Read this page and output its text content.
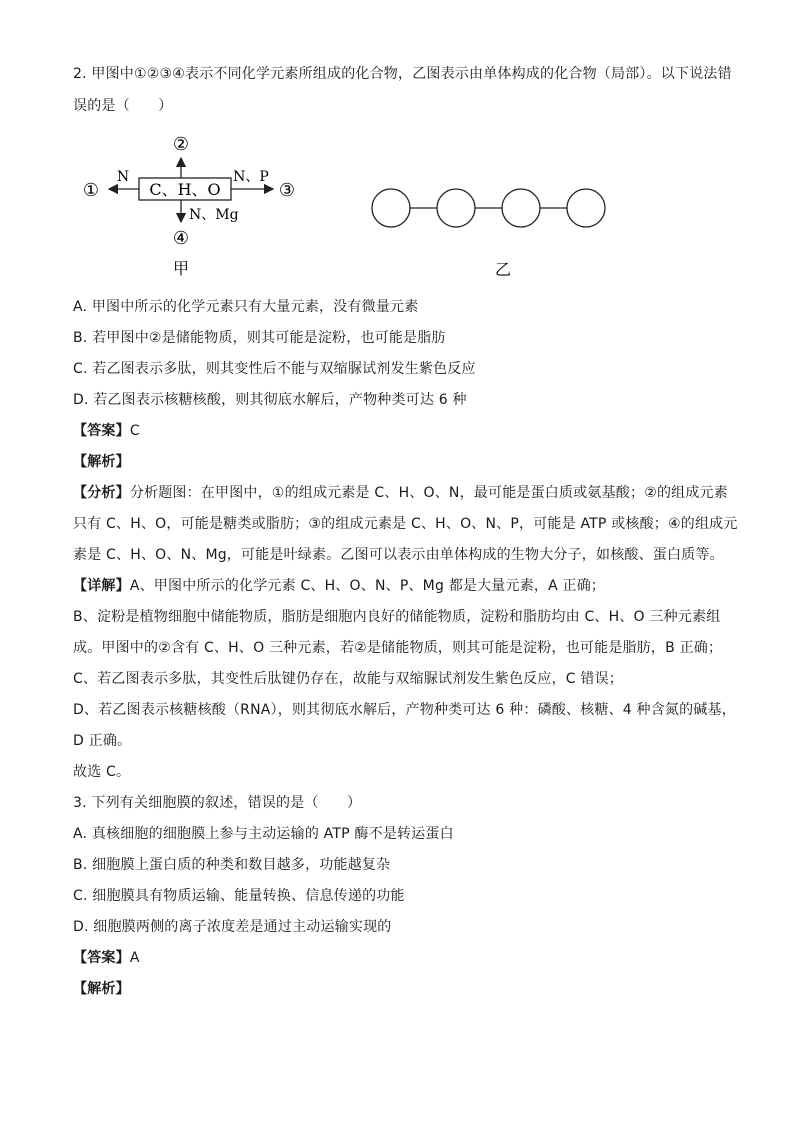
2. 甲图中①②③④表示不同化学元素所组成的化合物，乙图表示由单体构成的化合物（局部）。以下说法错
误的是（　　）
C、H、O
②
N
①
N、P
③
N、Mg
④
甲	乙
A. 甲图中所示的化学元素只有大量元素，没有微量元素
B. 若甲图中②是储能物质，则其可能是淀粉，也可能是脂肪
C. 若乙图表示多肽，则其变性后不能与双缩脲试剂发生紫色反应
D. 若乙图表示核糖核酸，则其彻底水解后，产物种类可达 6 种
【答案】C
【解析】
【分析】分析题图：在甲图中，①的组成元素是 C、H、O、N，最可能是蛋白质或氨基酸；②的组成元素
只有 C、H、O，可能是糖类或脂肪；③的组成元素是 C、H、O、N、P，可能是 ATP 或核酸；④的组成元
素是 C、H、O、N、Mg，可能是叶绿素。乙图可以表示由单体构成的生物大分子，如核酸、蛋白质等。
【详解】A、甲图中所示的化学元素 C、H、O、N、P、Mg 都是大量元素，A 正确；
B、淀粉是植物细胞中储能物质，脂肪是细胞内良好的储能物质，淀粉和脂肪均由 C、H、O 三种元素组
成。甲图中的②含有 C、H、O 三种元素，若②是储能物质，则其可能是淀粉，也可能是脂肪，B 正确；
C、若乙图表示多肽，其变性后肽键仍存在，故能与双缩脲试剂发生紫色反应，C 错误；
D、若乙图表示核糖核酸（RNA），则其彻底水解后，产物种类可达 6 种：磷酸、核糖、4 种含氮的碱基，
D 正确。
故选 C。
3. 下列有关细胞膜的叙述，错误的是（　　）
A. 真核细胞的细胞膜上参与主动运输的 ATP 酶不是转运蛋白
B. 细胞膜上蛋白质的种类和数目越多，功能越复杂
C. 细胞膜具有物质运输、能量转换、信息传递的功能
D. 细胞膜两侧的离子浓度差是通过主动运输实现的
【答案】A
【解析】
